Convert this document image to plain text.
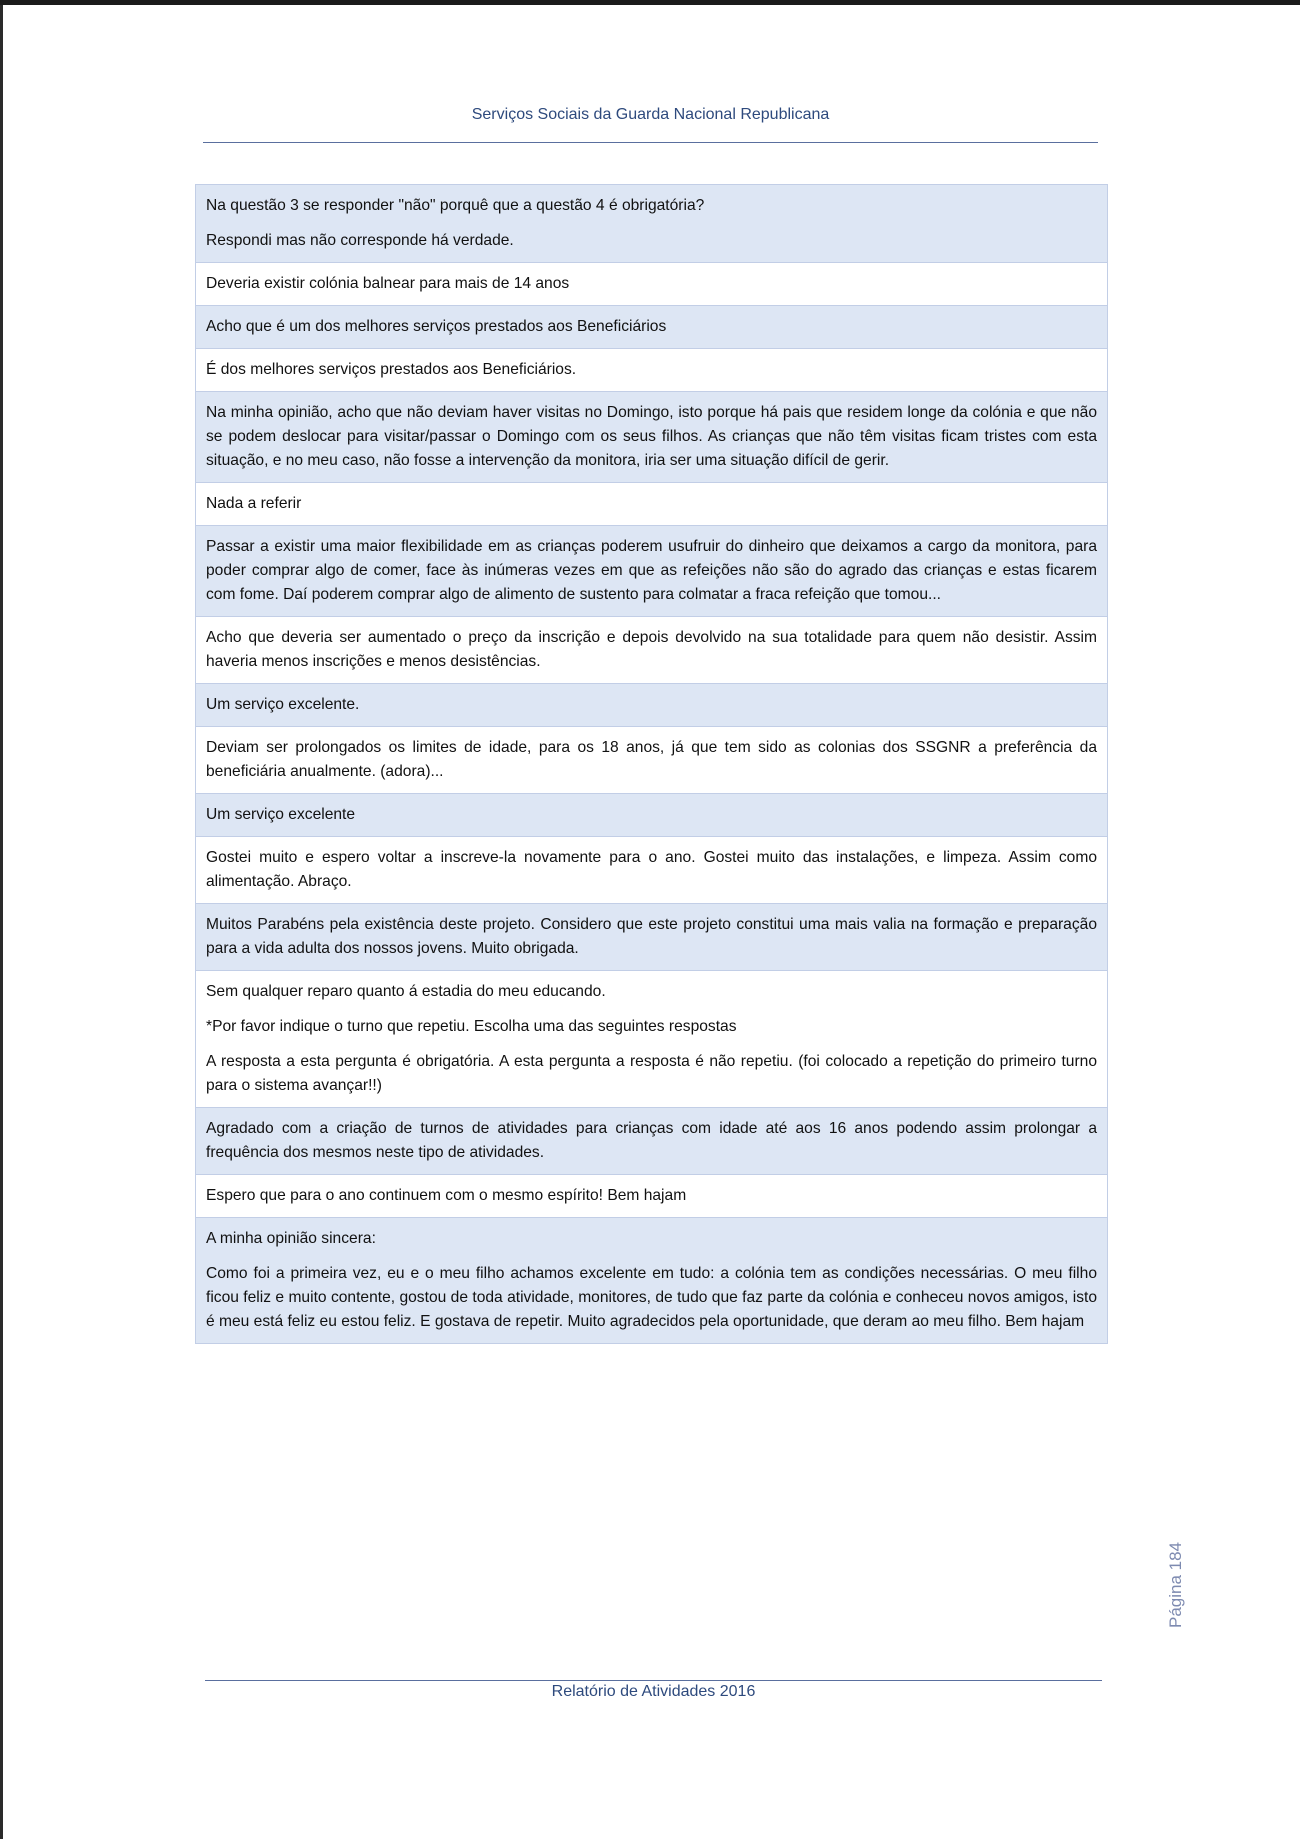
Serviços Sociais da Guarda Nacional Republicana

Na questão 3 se responder "não" porquê que a questão 4 é obrigatória?

Respondi mas não corresponde há verdade.

Deveria existir colónia balnear para mais de 14 anos

Acho que é um dos melhores serviços prestados aos Beneficiários

É dos melhores serviços prestados aos Beneficiários.

Na minha opinião, acho que não deviam haver visitas no Domingo, isto porque há pais que residem longe da colónia e que não se podem deslocar para visitar/passar o Domingo com os seus filhos. As crianças que não têm visitas ficam tristes com esta situação, e no meu caso, não fosse a intervenção da monitora, iria ser uma situação difícil de gerir.

Nada a referir

Passar a existir uma maior flexibilidade em as crianças poderem usufruir do dinheiro que deixamos a cargo da monitora, para poder comprar algo de comer, face às inúmeras vezes em que as refeições não são do agrado das crianças e estas ficarem com fome. Daí poderem comprar algo de alimento de sustento para colmatar a fraca refeição que tomou...

Acho que deveria ser aumentado o preço da inscrição e depois devolvido na sua totalidade para quem não desistir. Assim haveria menos inscrições e menos desistências.

Um serviço excelente.

Deviam ser prolongados os limites de idade, para os 18 anos, já que tem sido as colonias dos SSGNR a preferência da beneficiária anualmente. (adora)...

Um serviço excelente

Gostei muito e espero voltar a inscreve-la novamente para o ano. Gostei muito das instalações, e limpeza. Assim como alimentação. Abraço.

Muitos Parabéns pela existência deste projeto. Considero que este projeto constitui uma mais valia na formação e preparação para a vida adulta dos nossos jovens. Muito obrigada.

Sem qualquer reparo quanto á estadia do meu educando.

*Por favor indique o turno que repetiu. Escolha uma das seguintes respostas

A resposta a esta pergunta é obrigatória. A esta pergunta a resposta é não repetiu. (foi colocado a repetição do primeiro turno para o sistema avançar!!)

Agradado com a criação de turnos de atividades para crianças com idade até aos 16 anos podendo assim prolongar a frequência dos mesmos neste tipo de atividades.

Espero que para o ano continuem com o mesmo espírito! Bem hajam

A minha opinião sincera:

Como foi a primeira vez, eu e o meu filho achamos excelente em tudo: a colónia tem as condições necessárias. O meu filho ficou feliz e muito contente, gostou de toda atividade, monitores, de tudo que faz parte da colónia e conheceu novos amigos, isto é meu está feliz eu estou feliz. E gostava de repetir. Muito agradecidos pela oportunidade, que deram ao meu filho. Bem hajam

Página 184
Relatório de Atividades 2016
